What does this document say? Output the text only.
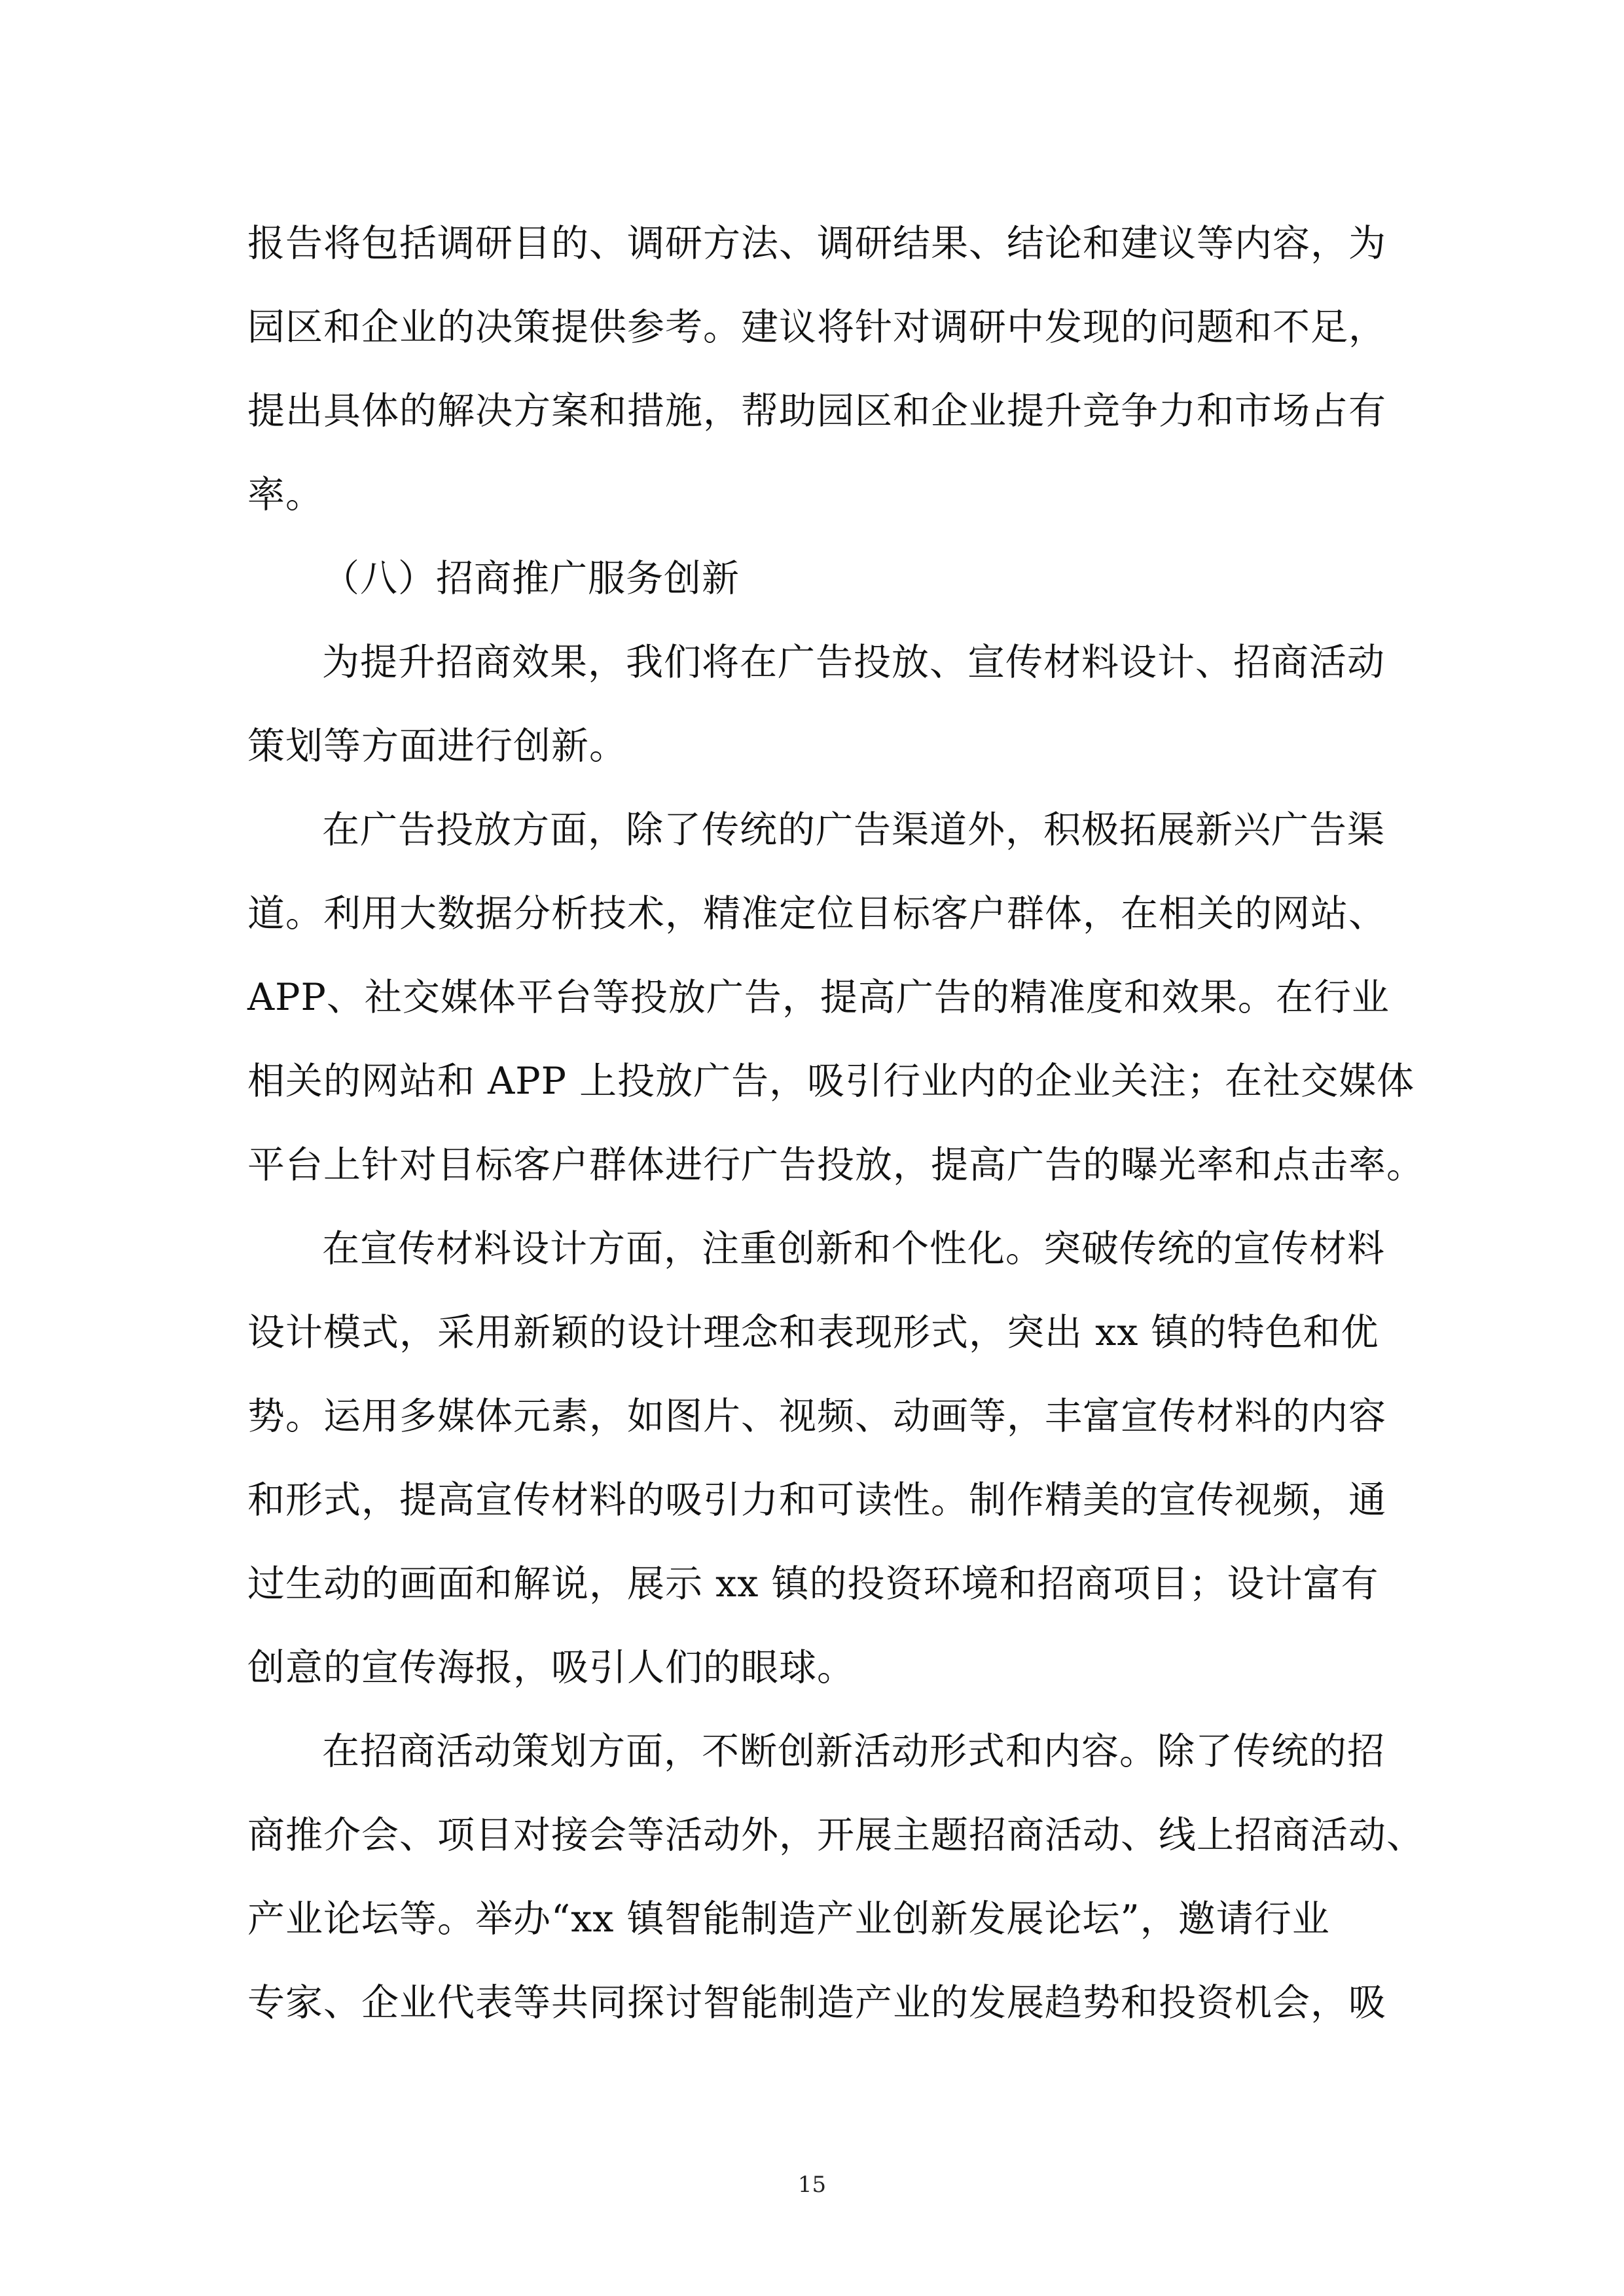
报告将包括调研目的、调研方法、调研结果、结论和建议等内容，为
园区和企业的决策提供参考。建议将针对调研中发现的问题和不足，
提出具体的解决方案和措施，帮助园区和企业提升竞争力和市场占有
率。
（八）招商推广服务创新
为提升招商效果，我们将在广告投放、宣传材料设计、招商活动
策划等方面进行创新。
在广告投放方面，除了传统的广告渠道外，积极拓展新兴广告渠
道。利用大数据分析技术，精准定位目标客户群体，在相关的网站、
APP、社交媒体平台等投放广告，提高广告的精准度和效果。在行业
相关的网站和 APP 上投放广告，吸引行业内的企业关注；在社交媒体
平台上针对目标客户群体进行广告投放，提高广告的曝光率和点击率。
在宣传材料设计方面，注重创新和个性化。突破传统的宣传材料
设计模式，采用新颖的设计理念和表现形式，突出 xx 镇的特色和优
势。运用多媒体元素，如图片、视频、动画等，丰富宣传材料的内容
和形式，提高宣传材料的吸引力和可读性。制作精美的宣传视频，通
过生动的画面和解说，展示 xx 镇的投资环境和招商项目；设计富有
创意的宣传海报，吸引人们的眼球。
在招商活动策划方面，不断创新活动形式和内容。除了传统的招
商推介会、项目对接会等活动外，开展主题招商活动、线上招商活动、
产业论坛等。举办“xx 镇智能制造产业创新发展论坛”，邀请行业
专家、企业代表等共同探讨智能制造产业的发展趋势和投资机会，吸
15
